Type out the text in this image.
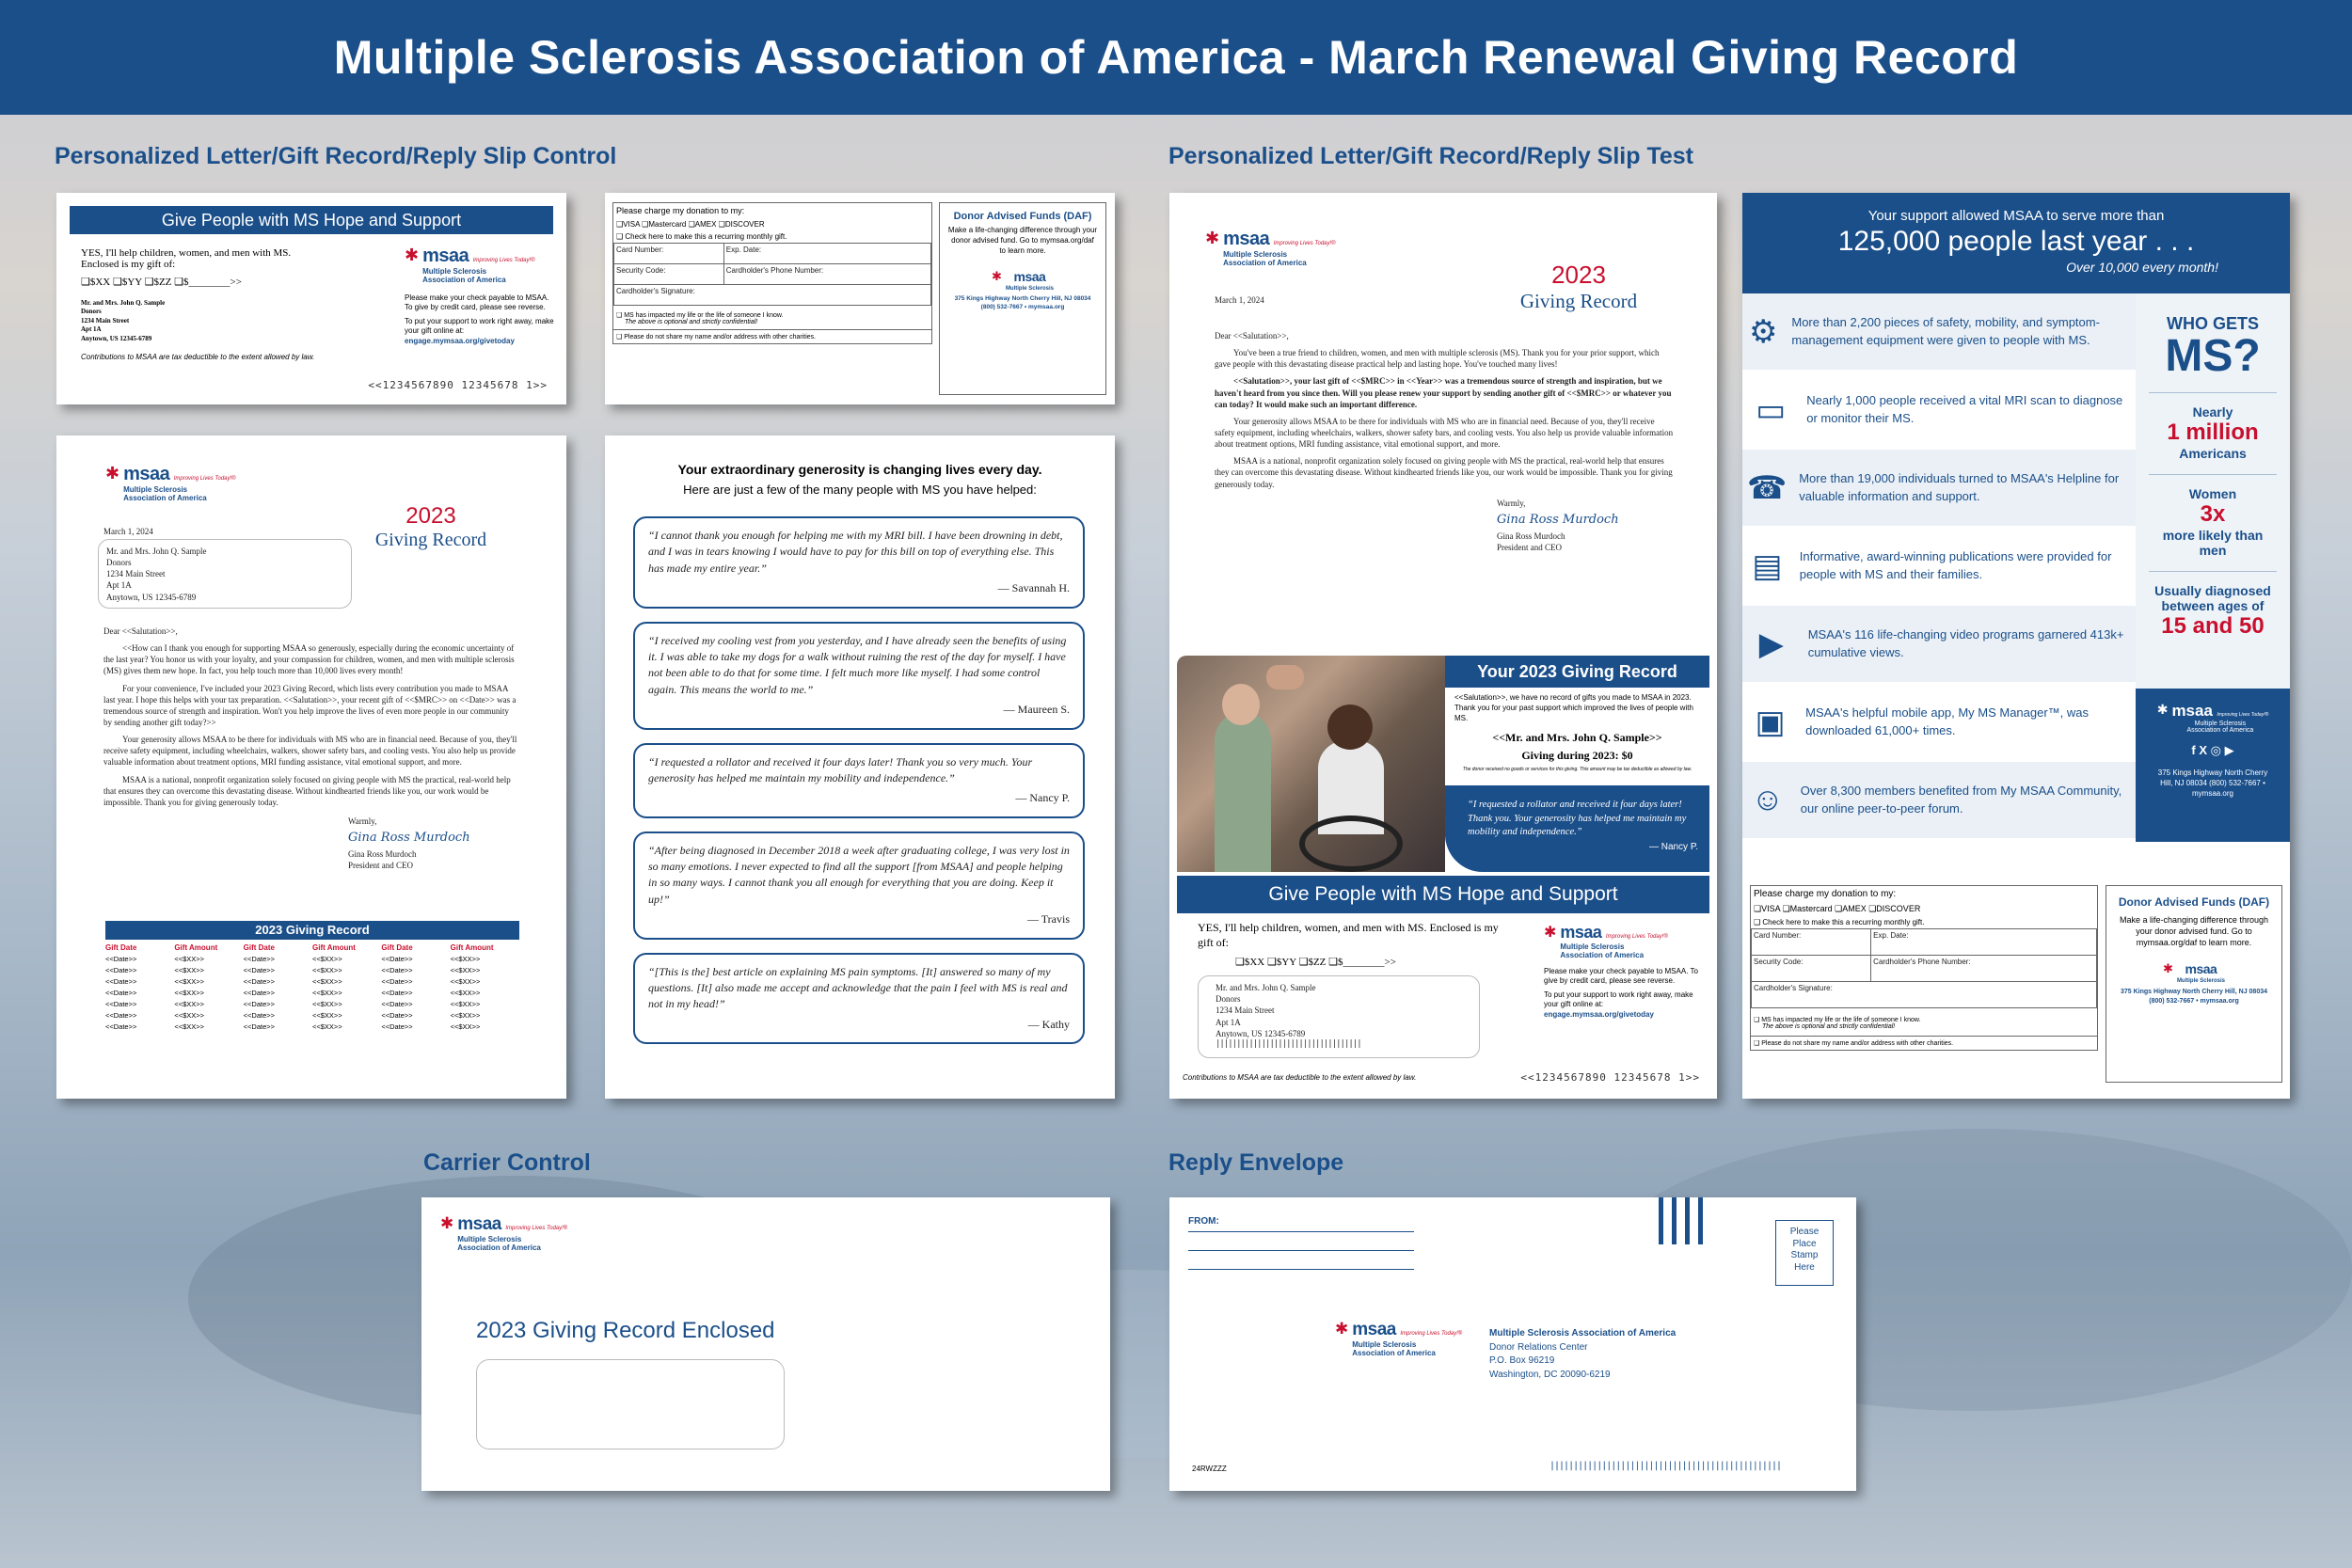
Multiple Sclerosis Association of America - March Renewal Giving Record
Personalized Letter/Gift Record/Reply Slip Control	Personalized Letter/Gift Record/Reply Slip Test
Carrier Control	Reply Envelope
Give People with MS Hope and Support
YES, I'll help children, women, and men with MS.
Enclosed is my gift of:
❑$XX ❑$YY ❑$ZZ ❑$________>>
Mr. and Mrs. John Q. Sample
Donors
1234 Main Street
Apt 1A
Anytown, US 12345-6789
Contributions to MSAA are tax deductible to the extent allowed by law.
✱ msaa Improving Lives Today!®
Multiple Sclerosis
Association of America
Please make your check payable to MSAA. To give by credit card, please see reverse.
To put your support to work right away, make your gift online at:
engage.mymsaa.org/givetoday
<<1234567890 12345678 1>>
✱ msaa Improving Lives Today!®
Multiple Sclerosis
Association of America
March 1, 2024
2023
Giving Record
Mr. and Mrs. John Q. Sample
Donors
1234 Main Street
Apt 1A
Anytown, US 12345-6789
Dear <<Salutation>>,
<<How can I thank you enough for supporting MSAA so generously, especially during the economic uncertainty of the last year? You honor us with your loyalty, and your compassion for children, women, and men with multiple sclerosis (MS) gives them new hope. In fact, you help touch more than 10,000 lives every month!
For your convenience, I've included your 2023 Giving Record, which lists every contribution you made to MSAA last year. I hope this helps with your tax preparation. <<Salutation>>, your recent gift of <<$MRC>> on <<Date>> was a tremendous source of strength and inspiration. Won't you help improve the lives of even more people in our community by sending another gift today?>>
Your generosity allows MSAA to be there for individuals with MS who are in financial need. Because of you, they'll receive safety equipment, including wheelchairs, walkers, shower safety bars, and cooling vests. You also help us provide valuable information about treatment options, MRI funding assistance, vital emotional support, and more.
MSAA is a national, nonprofit organization solely focused on giving people with MS the practical, real-world help that ensures they can overcome this devastating disease. Without kindhearted friends like you, our work would be impossible. Thank you for giving generously today.
Warmly,
Gina Ross Murdoch
Gina Ross Murdoch
President and CEO
2023 Giving Record
Gift Date	Gift Amount	Gift Date	Gift Amount	Gift Date	Gift Amount
<<Date>>	<<$XX>>	<<Date>>	<<$XX>>	<<Date>>	<<$XX>>
<<Date>>	<<$XX>>	<<Date>>	<<$XX>>	<<Date>>	<<$XX>>
<<Date>>	<<$XX>>	<<Date>>	<<$XX>>	<<Date>>	<<$XX>>
<<Date>>	<<$XX>>	<<Date>>	<<$XX>>	<<Date>>	<<$XX>>
<<Date>>	<<$XX>>	<<Date>>	<<$XX>>	<<Date>>	<<$XX>>
<<Date>>	<<$XX>>	<<Date>>	<<$XX>>	<<Date>>	<<$XX>>
<<Date>>	<<$XX>>	<<Date>>	<<$XX>>	<<Date>>	<<$XX>>
Please charge my donation to my:
❑VISA ❑Mastercard ❑AMEX ❑DISCOVER
❑ Check here to make this a recurring monthly gift.
Card Number:	Exp. Date:
Security Code:	Cardholder's Phone Number:
Cardholder's Signature:	
❑ MS has impacted my life or the life of someone I know.
The above is optional and strictly confidential!
❑ Please do not share my name and/or address with other charities.
Donor Advised Funds (DAF)
Make a life-changing difference through your donor advised fund. Go to mymsaa.org/daf to learn more.
✱ msaa
Multiple Sclerosis
375 Kings Highway North Cherry Hill, NJ 08034 (800) 532-7667 • mymsaa.org
Your extraordinary generosity is changing lives every day.
Here are just a few of the many people with MS you have helped:
“I cannot thank you enough for helping me with my MRI bill. I have been drowning in debt, and I was in tears knowing I would have to pay for this bill on top of everything else. This has made my entire year.”
— Savannah H.
“I received my cooling vest from you yesterday, and I have already seen the benefits of using it. I was able to take my dogs for a walk without ruining the rest of the day for myself. I have not been able to do that for some time. I felt much more like myself. I had some control again. This means the world to me.”
— Maureen S.
“I requested a rollator and received it four days later! Thank you so very much. Your generosity has helped me maintain my mobility and independence.”
— Nancy P.
“After being diagnosed in December 2018 a week after graduating college, I was very lost in so many emotions. I never expected to find all the support [from MSAA] and people helping in so many ways. I cannot thank you all enough for everything that you are doing. Keep it up!”
— Travis
“[This is the] best article on explaining MS pain symptoms. [It] answered so many of my questions. [It] also made me accept and acknowledge that the pain I feel with MS is real and not in my head!”
— Kathy
✱ msaa Improving Lives Today!®
Multiple Sclerosis
Association of America
March 1, 2024
2023
Giving Record
Dear <<Salutation>>,
You've been a true friend to children, women, and men with multiple sclerosis (MS). Thank you for your prior support, which gave people with this devastating disease practical help and lasting hope. You've touched many lives!
<<Salutation>>, your last gift of <<$MRC>> in <<Year>> was a tremendous source of strength and inspiration, but we haven't heard from you since then. Will you please renew your support by sending another gift of <<$MRC>> or whatever you can today? It would make such an important difference.
Your generosity allows MSAA to be there for individuals with MS who are in financial need. Because of you, they'll receive safety equipment, including wheelchairs, walkers, shower safety bars, and cooling vests. You also help us provide valuable information about treatment options, MRI funding assistance, vital emotional support, and more.
MSAA is a national, nonprofit organization solely focused on giving people with MS the practical, real-world help that ensures they can overcome this devastating disease. Without kindhearted friends like you, our work would be impossible. Thank you for giving generously today.
Warmly,
Gina Ross Murdoch
Gina Ross Murdoch
President and CEO
Your 2023 Giving Record
<<Salutation>>, we have no record of gifts you made to MSAA in 2023. Thank you for your past support which improved the lives of people with MS.
<<Mr. and Mrs. John Q. Sample>>
Giving during 2023: $0
The donor received no goods or services for this giving. This amount may be tax deductible as allowed by law.
“I requested a rollator and received it four days later! Thank you. Your generosity has helped me maintain my mobility and independence.”
— Nancy P.
Give People with MS Hope and Support
YES, I'll help children, women, and men with MS. Enclosed is my gift of:
❑$XX ❑$YY ❑$ZZ ❑$________>>
Mr. and Mrs. John Q. Sample
Donors
1234 Main Street
Apt 1A
Anytown, US 12345-6789
|||||||||||||||||||||||||||||||||||
✱ msaa Improving Lives Today!®
Multiple Sclerosis
Association of America
Please make your check payable to MSAA. To give by credit card, please see reverse.
To put your support to work right away, make your gift online at:
engage.mymsaa.org/givetoday
Contributions to MSAA are tax deductible to the extent allowed by law.	<<1234567890 12345678 1>>
Your support allowed MSAA to serve more than
125,000 people last year . . .
Over 10,000 every month!
⚙	More than 2,200 pieces of safety, mobility, and symptom-management equipment were given to people with MS.
▭	Nearly 1,000 people received a vital MRI scan to diagnose or monitor their MS.
☎ More than 19,000 individuals turned to MSAA's Helpline for valuable information and support.
▤	Informative, award-winning publications were provided for people with MS and their families.
▶	MSAA's 116 life-changing video programs garnered 413k+ cumulative views.
▣	MSAA's helpful mobile app, My MS Manager™, was downloaded 61,000+ times.
☺	Over 8,300 members benefited from My MSAA Community, our online peer-to-peer forum.
WHO GETS
MS?
Nearly
1 million
Americans
Women
3x
more likely than men
Usually diagnosed between ages of
15 and 50
✱ msaa Improving Lives Today!®
Multiple Sclerosis
Association of America
f X ◎ ▶
375 Kings Highway North Cherry Hill, NJ 08034 (800) 532-7667 • mymsaa.org
Please charge my donation to my:
❑VISA ❑Mastercard ❑AMEX ❑DISCOVER
❑ Check here to make this a recurring monthly gift.
Card Number:	Exp. Date:
Security Code:	Cardholder's Phone Number:
Cardholder's Signature:	
❑ MS has impacted my life or the life of someone I know.
The above is optional and strictly confidential!
❑ Please do not share my name and/or address with other charities.
Donor Advised Funds (DAF)
Make a life-changing difference through your donor advised fund. Go to mymsaa.org/daf to learn more.
✱ msaa
Multiple Sclerosis
375 Kings Highway North Cherry Hill, NJ 08034 (800) 532-7667 • mymsaa.org
✱ msaa Improving Lives Today!®
Multiple Sclerosis
Association of America
2023 Giving Record Enclosed
FROM:
Please Place Stamp Here
✱ msaa Improving Lives Today!®
Multiple Sclerosis
Association of America
Multiple Sclerosis Association of America
Donor Relations Center
P.O. Box 96219
Washington, DC 20090-6219
24RWZZZ	|||||||||||||||||||||||||||||||||||||||||||||||||
